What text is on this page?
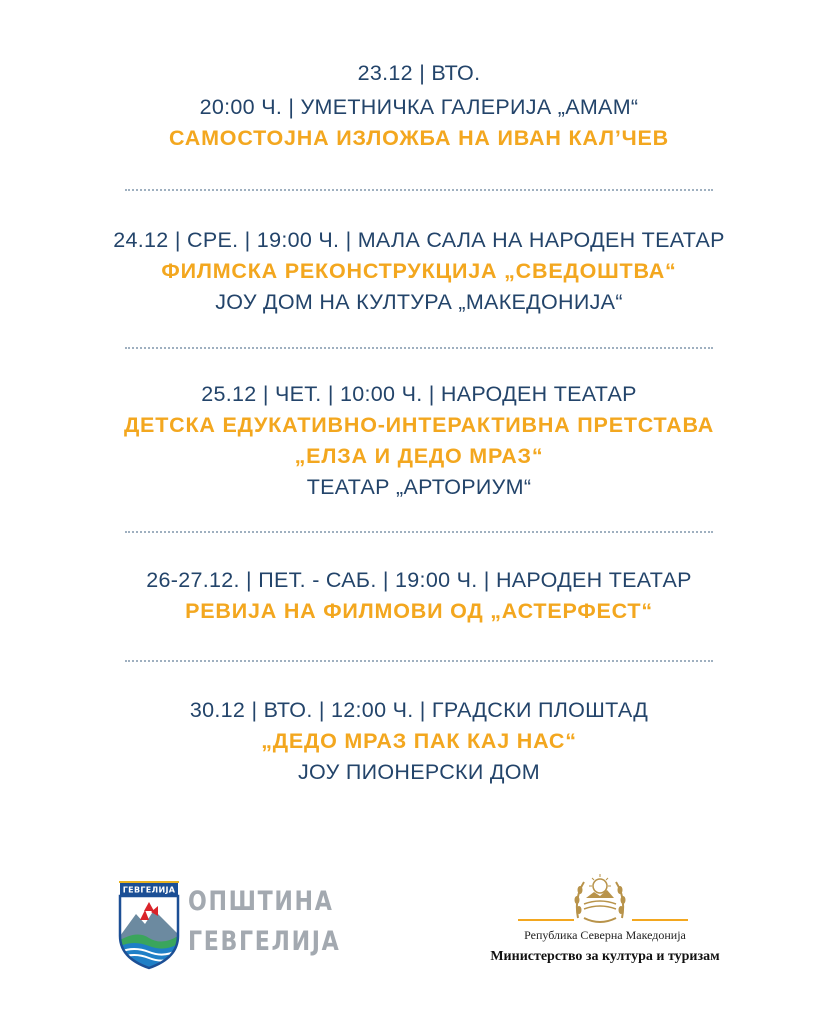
23.12 | ВТО.
20:00 Ч. | УМЕТНИЧКА ГАЛЕРИЈА „АМАМ“
САМОСТОЈНА ИЗЛОЖБА НА ИВАН КАЛ’ЧЕВ
24.12 | СРЕ. | 19:00 Ч. | МАЛА САЛА НА НАРОДЕН ТЕАТАР
ФИЛМСКА РЕКОНСТРУКЦИЈА „СВЕДОШТВА“
ЈОУ ДОМ НА КУЛТУРА „МАКЕДОНИЈА“
25.12 | ЧЕТ. | 10:00 Ч. | НАРОДЕН ТЕАТАР
ДЕТСКА ЕДУКАТИВНО-ИНТЕРАКТИВНА ПРЕТСТАВА
„ЕЛЗА И ДЕДО МРАЗ“
ТЕАТАР „АРТОРИУМ“
26-27.12. | ПЕТ. - САБ. | 19:00 Ч. | НАРОДЕН ТЕАТАР
РЕВИЈА НА ФИЛМОВИ ОД „АСТЕРФЕСТ“
30.12 | ВТО. | 12:00 Ч. | ГРАДСКИ ПЛОШТАД
„ДЕДО МРАЗ ПАК КАЈ НАС“
ЈОУ ПИОНЕРСКИ ДОМ
ГЕВГЕЛИЈА ОПШТИНА
ГЕВГЕЛИЈА	Република Северна Македонија
Министерство за култура и туризам
